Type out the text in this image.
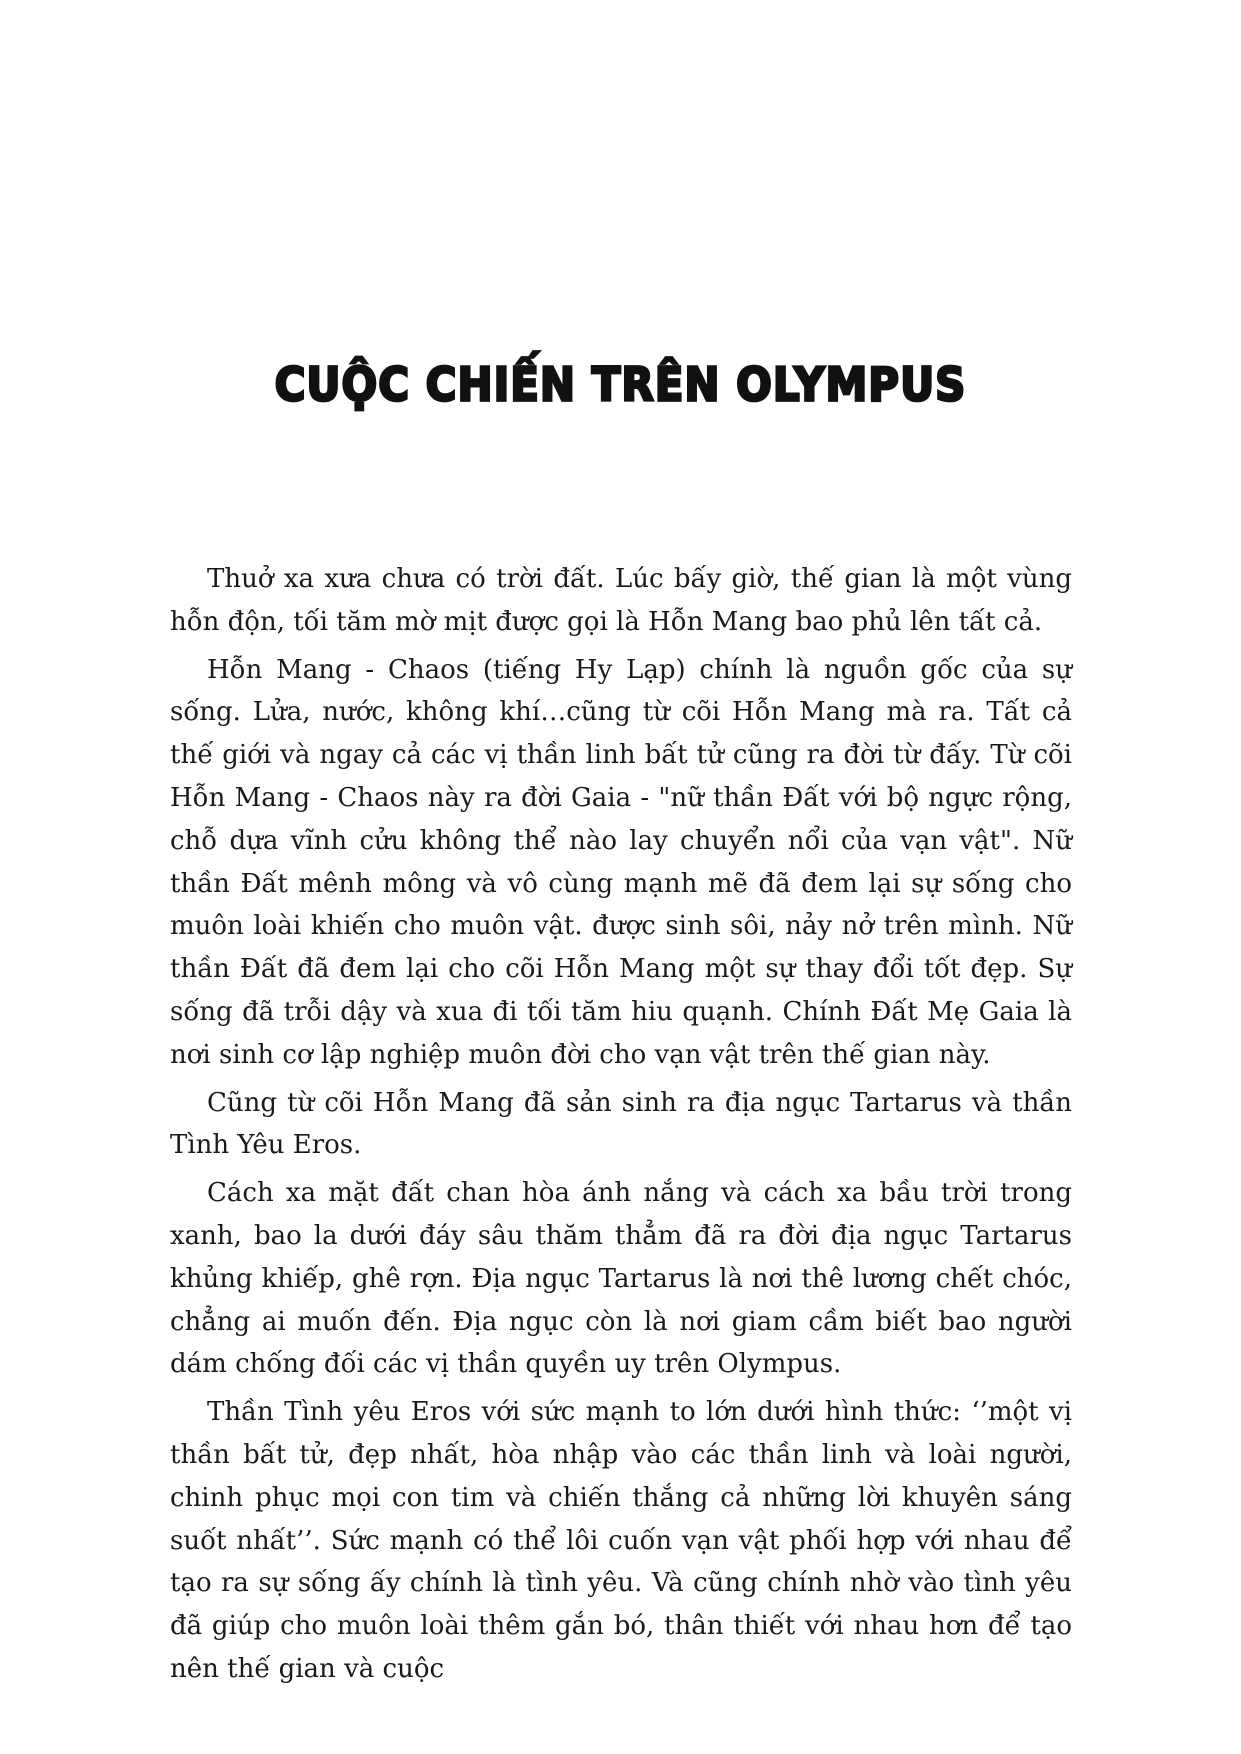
CUỘC CHIẾN TRÊN OLYMPUS

Thuở xa xưa chưa có trời đất. Lúc bấy giờ, thế gian là một vùng hỗn độn, tối tăm mờ mịt được gọi là Hỗn Mang bao phủ lên tất cả.

Hỗn Mang - Chaos (tiếng Hy Lạp) chính là nguồn gốc của sự sống. Lửa, nước, không khí…cũng từ cõi Hỗn Mang mà ra. Tất cả thế giới và ngay cả các vị thần linh bất tử cũng ra đời từ đấy. Từ cõi Hỗn Mang - Chaos này ra đời Gaia - "nữ thần Đất với bộ ngực rộng, chỗ dựa vĩnh cửu không thể nào lay chuyển nổi của vạn vật". Nữ thần Đất mênh mông và vô cùng mạnh mẽ đã đem lại sự sống cho muôn loài khiến cho muôn vật. được sinh sôi, nảy nở trên mình. Nữ thần Đất đã đem lại cho cõi Hỗn Mang một sự thay đổi tốt đẹp. Sự sống đã trỗi dậy và xua đi tối tăm hiu quạnh. Chính Đất Mẹ Gaia là nơi sinh cơ lập nghiệp muôn đời cho vạn vật trên thế gian này.

Cũng từ cõi Hỗn Mang đã sản sinh ra địa ngục Tartarus và thần Tình Yêu Eros.

Cách xa mặt đất chan hòa ánh nắng và cách xa bầu trời trong xanh, bao la dưới đáy sâu thăm thẳm đã ra đời địa ngục Tartarus khủng khiếp, ghê rợn. Địa ngục Tartarus là nơi thê lương chết chóc, chẳng ai muốn đến. Địa ngục còn là nơi giam cầm biết bao người dám chống đối các vị thần quyền uy trên Olympus.

Thần Tình yêu Eros với sức mạnh to lớn dưới hình thức: ‘’một vị thần bất tử, đẹp nhất, hòa nhập vào các thần linh và loài người, chinh phục mọi con tim và chiến thắng cả những lời khuyên sáng suốt nhất’’. Sức mạnh có thể lôi cuốn vạn vật phối hợp với nhau để tạo ra sự sống ấy chính là tình yêu. Và cũng chính nhờ vào tình yêu đã giúp cho muôn loài thêm gắn bó, thân thiết với nhau hơn để tạo nên thế gian và cuộc
